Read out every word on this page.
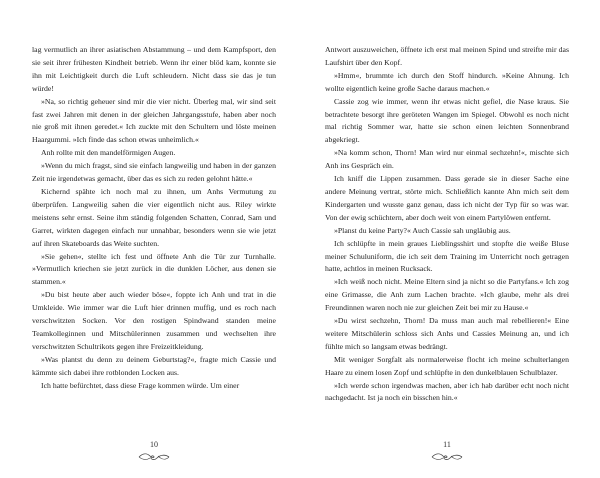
lag vermutlich an ihrer asiatischen Abstammung – und dem Kampfsport, den sie seit ihrer frühesten Kindheit betrieb. Wenn ihr einer blöd kam, konnte sie ihn mit Leichtigkeit durch die Luft schleudern. Nicht dass sie das je tun würde!

»Na, so richtig geheuer sind mir die vier nicht. Überleg mal, wir sind seit fast zwei Jahren mit denen in der gleichen Jahrgangsstufe, haben aber noch nie groß mit ihnen geredet.« Ich zuckte mit den Schultern und löste meinen Haargummi. »Ich finde das schon etwas unheimlich.«

Anh rollte mit den mandelförmigen Augen.

»Wenn du mich fragst, sind sie einfach langweilig und haben in der ganzen Zeit nie irgendetwas gemacht, über das es sich zu reden gelohnt hätte.«

Kichernd spähte ich noch mal zu ihnen, um Anhs Vermutung zu überprüfen. Langweilig sahen die vier eigentlich nicht aus. Riley wirkte meistens sehr ernst. Seine ihm ständig folgenden Schatten, Conrad, Sam und Garret, wirkten dagegen einfach nur unnahbar, besonders wenn sie wie jetzt auf ihren Skateboards das Weite suchten.

»Sie gehen«, stellte ich fest und öffnete Anh die Tür zur Turnhalle. »Vermutlich kriechen sie jetzt zurück in die dunklen Löcher, aus denen sie stammen.«

»Du bist heute aber auch wieder böse«, foppte ich Anh und trat in die Umkleide. Wie immer war die Luft hier drinnen muffig, und es roch nach verschwitzten Socken. Vor den rostigen Spindwand standen meine Teamkolleginnen und Mitschülerinnen zusammen und wechselten ihre verschwitzten Schultrikots gegen ihre Freizeitkleidung.

»Was plantst du denn zu deinem Geburtstag?«, fragte mich Cassie und kämmte sich dabei ihre rotblonden Locken aus.

Ich hatte befürchtet, dass diese Frage kommen würde. Um einer

10

Antwort auszuweichen, öffnete ich erst mal meinen Spind und streifte mir das Laufshirt über den Kopf.

»Hmm«, brummte ich durch den Stoff hindurch. »Keine Ahnung. Ich wollte eigentlich keine große Sache daraus machen.«

Cassie zog wie immer, wenn ihr etwas nicht gefiel, die Nase kraus. Sie betrachtete besorgt ihre geröteten Wangen im Spiegel. Obwohl es noch nicht mal richtig Sommer war, hatte sie schon einen leichten Sonnenbrand abgekriegt.

»Na komm schon, Thorn! Man wird nur einmal sechzehn!«, mischte sich Anh ins Gespräch ein.

Ich kniff die Lippen zusammen. Dass gerade sie in dieser Sache eine andere Meinung vertrat, störte mich. Schließlich kannte Ahn mich seit dem Kindergarten und wusste ganz genau, dass ich nicht der Typ für so was war. Von der ewig schüchtern, aber doch weit von einem Partylöwen entfernt.

»Planst du keine Party?« Auch Cassie sah ungläubig aus.

Ich schlüpfte in mein graues Lieblingsshirt und stopfte die weiße Bluse meiner Schuluniform, die ich seit dem Training im Unterricht noch getragen hatte, achtlos in meinen Rucksack.

»Ich weiß noch nicht. Meine Eltern sind ja nicht so die Partyfans.« Ich zog eine Grimasse, die Anh zum Lachen brachte. »Ich glaube, mehr als drei Freundinnen waren noch nie zur gleichen Zeit bei mir zu Hause.«

»Du wirst sechzehn, Thorn! Da muss man auch mal rebellieren!« Eine weitere Mitschülerin schloss sich Anhs und Cassies Meinung an, und ich fühlte mich so langsam etwas bedrängt.

Mit weniger Sorgfalt als normalerweise flocht ich meine schulterlangen Haare zu einem losen Zopf und schlüpfte in den dunkelblauen Schulblazer.

»Ich werde schon irgendwas machen, aber ich hab darüber echt noch nicht nachgedacht. Ist ja noch ein bisschen hin.«

11
